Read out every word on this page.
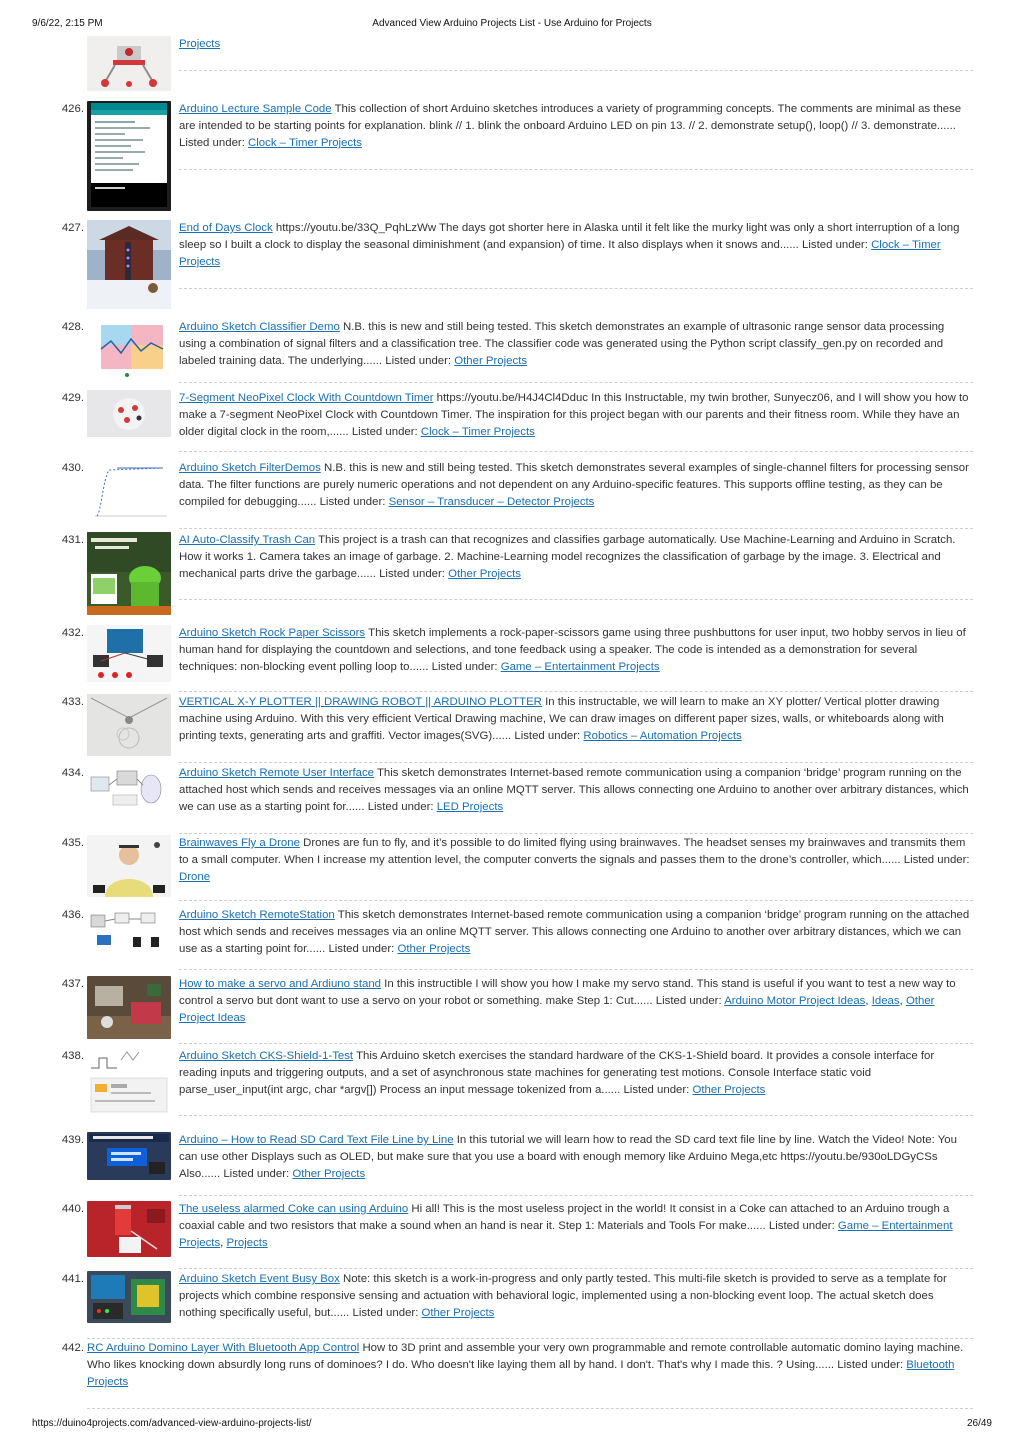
9/6/22, 2:15 PM	Advanced View Arduino Projects List - Use Arduino for Projects
Projects
426.	Arduino Lecture Sample Code This collection of short Arduino sketches introduces a variety of programming concepts. The comments are minimal as these are intended to be starting points for explanation. blink // 1. blink the onboard Arduino LED on pin 13. // 2. demonstrate setup(), loop() // 3. demonstrate...... Listed under: Clock – Timer Projects
427.	End of Days Clock https://youtu.be/33Q_PqhLzWw The days got shorter here in Alaska until it felt like the murky light was only a short interruption of a long sleep so I built a clock to display the seasonal diminishment (and expansion) of time. It also displays when it snows and...... Listed under: Clock – Timer Projects
428.	Arduino Sketch Classifier Demo N.B. this is new and still being tested. This sketch demonstrates an example of ultrasonic range sensor data processing using a combination of signal filters and a classification tree. The classifier code was generated using the Python script classify_gen.py on recorded and labeled training data. The underlying...... Listed under: Other Projects
429.	7-Segment NeoPixel Clock With Countdown Timer https://youtu.be/H4J4Cl4Dduc In this Instructable, my twin brother, Sunyecz06, and I will show you how to make a 7-segment NeoPixel Clock with Countdown Timer. The inspiration for this project began with our parents and their fitness room. While they have an older digital clock in the room,...... Listed under: Clock – Timer Projects
430.	Arduino Sketch FilterDemos N.B. this is new and still being tested. This sketch demonstrates several examples of single-channel filters for processing sensor data. The filter functions are purely numeric operations and not dependent on any Arduino-specific features. This supports offline testing, as they can be compiled for debugging...... Listed under: Sensor – Transducer – Detector Projects
431.	AI Auto-Classify Trash Can This project is a trash can that recognizes and classifies garbage automatically. Use Machine-Learning and Arduino in Scratch. How it works 1. Camera takes an image of garbage. 2. Machine-Learning model recognizes the classification of garbage by the image. 3. Electrical and mechanical parts drive the garbage...... Listed under: Other Projects
432.	Arduino Sketch Rock Paper Scissors This sketch implements a rock-paper-scissors game using three pushbuttons for user input, two hobby servos in lieu of human hand for displaying the countdown and selections, and tone feedback using a speaker. The code is intended as a demonstration for several techniques: non-blocking event polling loop to...... Listed under: Game – Entertainment Projects
433.	VERTICAL X-Y PLOTTER || DRAWING ROBOT || ARDUINO PLOTTER In this instructable, we will learn to make an XY plotter/ Vertical plotter drawing machine using Arduino. With this very efficient Vertical Drawing machine, We can draw images on different paper sizes, walls, or whiteboards along with printing texts, generating arts and graffiti. Vector images(SVG)...... Listed under: Robotics – Automation Projects
434.	Arduino Sketch Remote User Interface This sketch demonstrates Internet-based remote communication using a companion ‘bridge’ program running on the attached host which sends and receives messages via an online MQTT server. This allows connecting one Arduino to another over arbitrary distances, which we can use as a starting point for...... Listed under: LED Projects
435.	Brainwaves Fly a Drone Drones are fun to fly, and it’s possible to do limited flying using brainwaves. The headset senses my brainwaves and transmits them to a small computer. When I increase my attention level, the computer converts the signals and passes them to the drone’s controller, which...... Listed under: Drone
436.	Arduino Sketch RemoteStation This sketch demonstrates Internet-based remote communication using a companion ‘bridge’ program running on the attached host which sends and receives messages via an online MQTT server. This allows connecting one Arduino to another over arbitrary distances, which we can use as a starting point for...... Listed under: Other Projects
437.	How to make a servo and Ardiuno stand In this instructible I will show you how I make my servo stand. This stand is useful if you want to test a new way to control a servo but dont want to use a servo on your robot or something. make Step 1: Cut...... Listed under: Arduino Motor Project Ideas, Ideas, Other Project Ideas
438.	Arduino Sketch CKS-Shield-1-Test This Arduino sketch exercises the standard hardware of the CKS-1-Shield board. It provides a console interface for reading inputs and triggering outputs, and a set of asynchronous state machines for generating test motions. Console Interface static void parse_user_input(int argc, char *argv[]) Process an input message tokenized from a...... Listed under: Other Projects
439.	Arduino – How to Read SD Card Text File Line by Line In this tutorial we will learn how to read the SD card text file line by line. Watch the Video! Note: You can use other Displays such as OLED, but make sure that you use a board with enough memory like Arduino Mega,etc https://youtu.be/930oLDGyCSs Also...... Listed under: Other Projects
440.	The useless alarmed Coke can using Arduino Hi all! This is the most useless project in the world! It consist in a Coke can attached to an Arduino trough a coaxial cable and two resistors that make a sound when an hand is near it. Step 1: Materials and Tools For make...... Listed under: Game – Entertainment Projects, Projects
441.	Arduino Sketch Event Busy Box Note: this sketch is a work-in-progress and only partly tested. This multi-file sketch is provided to serve as a template for projects which combine responsive sensing and actuation with behavioral logic, implemented using a non-blocking event loop. The actual sketch does nothing specifically useful, but...... Listed under: Other Projects
442. RC Arduino Domino Layer With Bluetooth App Control How to 3D print and assemble your very own programmable and remote controllable automatic domino laying machine. Who likes knocking down absurdly long runs of dominoes? I do. Who doesn't like laying them all by hand. I don't. That's why I made this. ? Using...... Listed under: Bluetooth Projects
https://duino4projects.com/advanced-view-arduino-projects-list/	26/49
